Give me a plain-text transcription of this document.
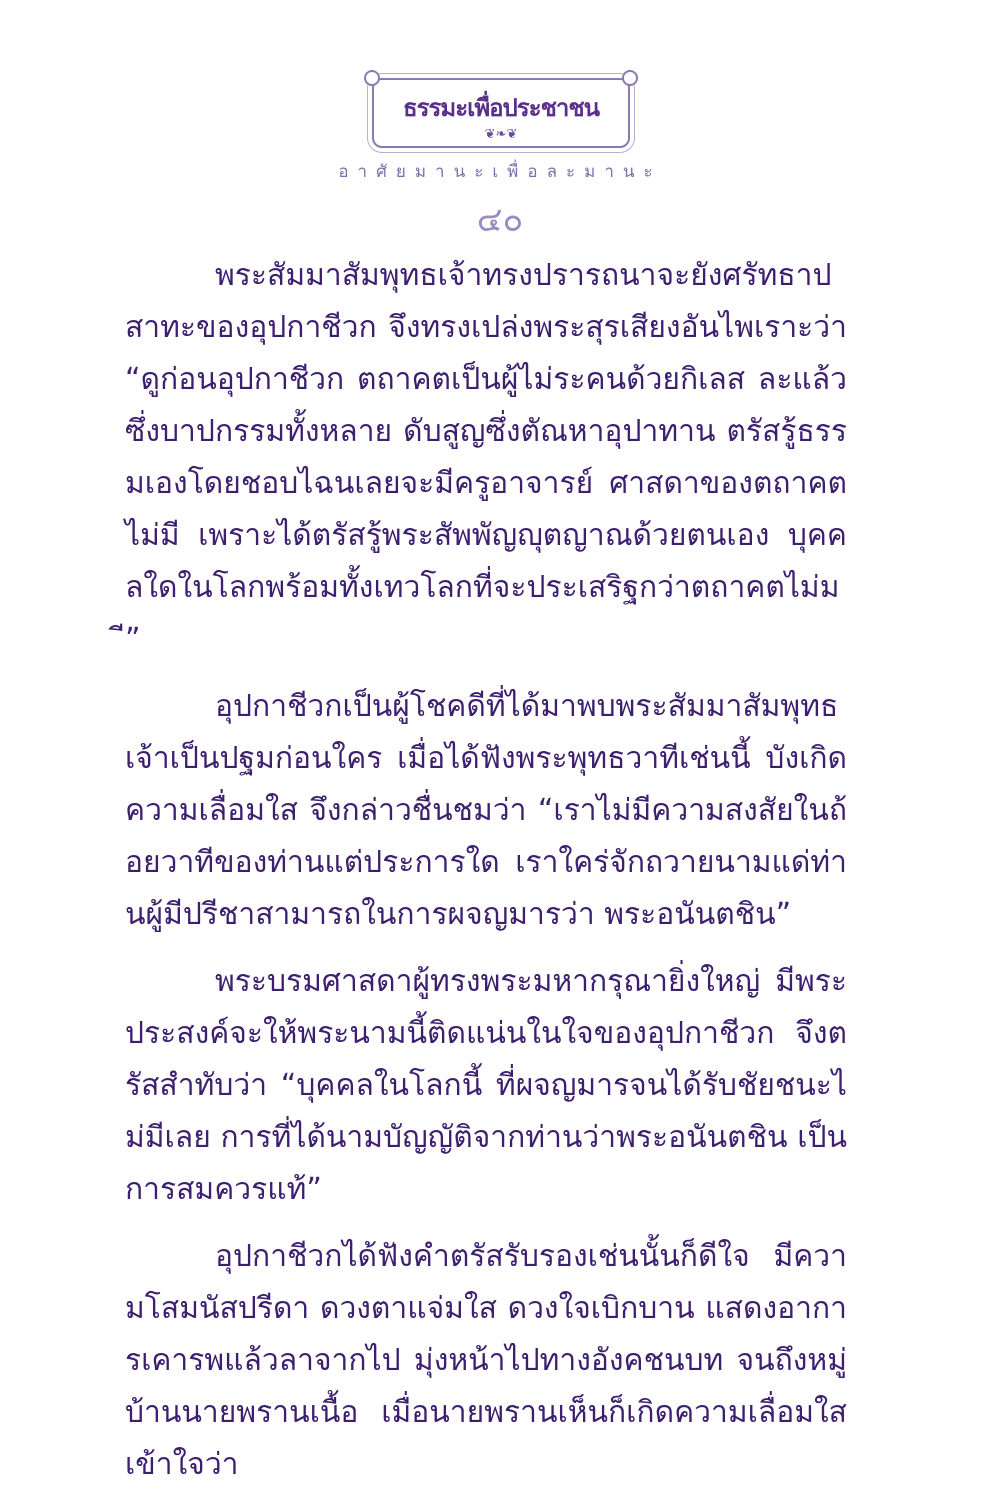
ธรรมะเพื่อประชาชน
❦❧❦
อาศัยมานะเพื่อละมานะ
๔๐

พระสัมมาสัมพุทธเจ้าทรงปรารถนาจะยังศรัทธาปสาทะของอุปกาชีวก จึงทรงเปล่งพระสุรเสียงอันไพเราะว่า “ดูก่อนอุปกาชีวก ตถาคตเป็นผู้ไม่ระคนด้วยกิเลส ละแล้วซึ่งบาปกรรมทั้งหลาย ดับสูญซึ่งตัณหาอุปาทาน ตรัสรู้ธรรมเองโดยชอบไฉนเลยจะมีครูอาจารย์ ศาสดาของตถาคตไม่มี เพราะได้ตรัสรู้พระสัพพัญญุตญาณด้วยตนเอง บุคคลใดในโลกพร้อมทั้งเทวโลกที่จะประเสริฐกว่าตถาคตไม่มี”

อุปกาชีวกเป็นผู้โชคดีที่ได้มาพบพระสัมมาสัมพุทธเจ้าเป็นปฐมก่อนใคร เมื่อได้ฟังพระพุทธวาทีเช่นนี้ บังเกิดความเลื่อมใส จึงกล่าวชื่นชมว่า “เราไม่มีความสงสัยในถ้อยวาทีของท่านแต่ประการใด เราใคร่จักถวายนามแด่ท่านผู้มีปรีชาสามารถในการผจญมารว่า พระอนันตชิน”

พระบรมศาสดาผู้ทรงพระมหากรุณายิ่งใหญ่ มีพระประสงค์จะให้พระนามนี้ติดแน่นในใจของอุปกาชีวก จึงตรัสสำทับว่า “บุคคลในโลกนี้ ที่ผจญมารจนได้รับชัยชนะไม่มีเลย การที่ได้นามบัญญัติจากท่านว่าพระอนันตชิน เป็นการสมควรแท้”

อุปกาชีวกได้ฟังคำตรัสรับรองเช่นนั้นก็ดีใจ มีความโสมนัสปรีดา ดวงตาแจ่มใส ดวงใจเบิกบาน แสดงอาการเคารพแล้วลาจากไป มุ่งหน้าไปทางอังคชนบท จนถึงหมู่บ้านนายพรานเนื้อ เมื่อนายพรานเห็นก็เกิดความเลื่อมใส เข้าใจว่า
